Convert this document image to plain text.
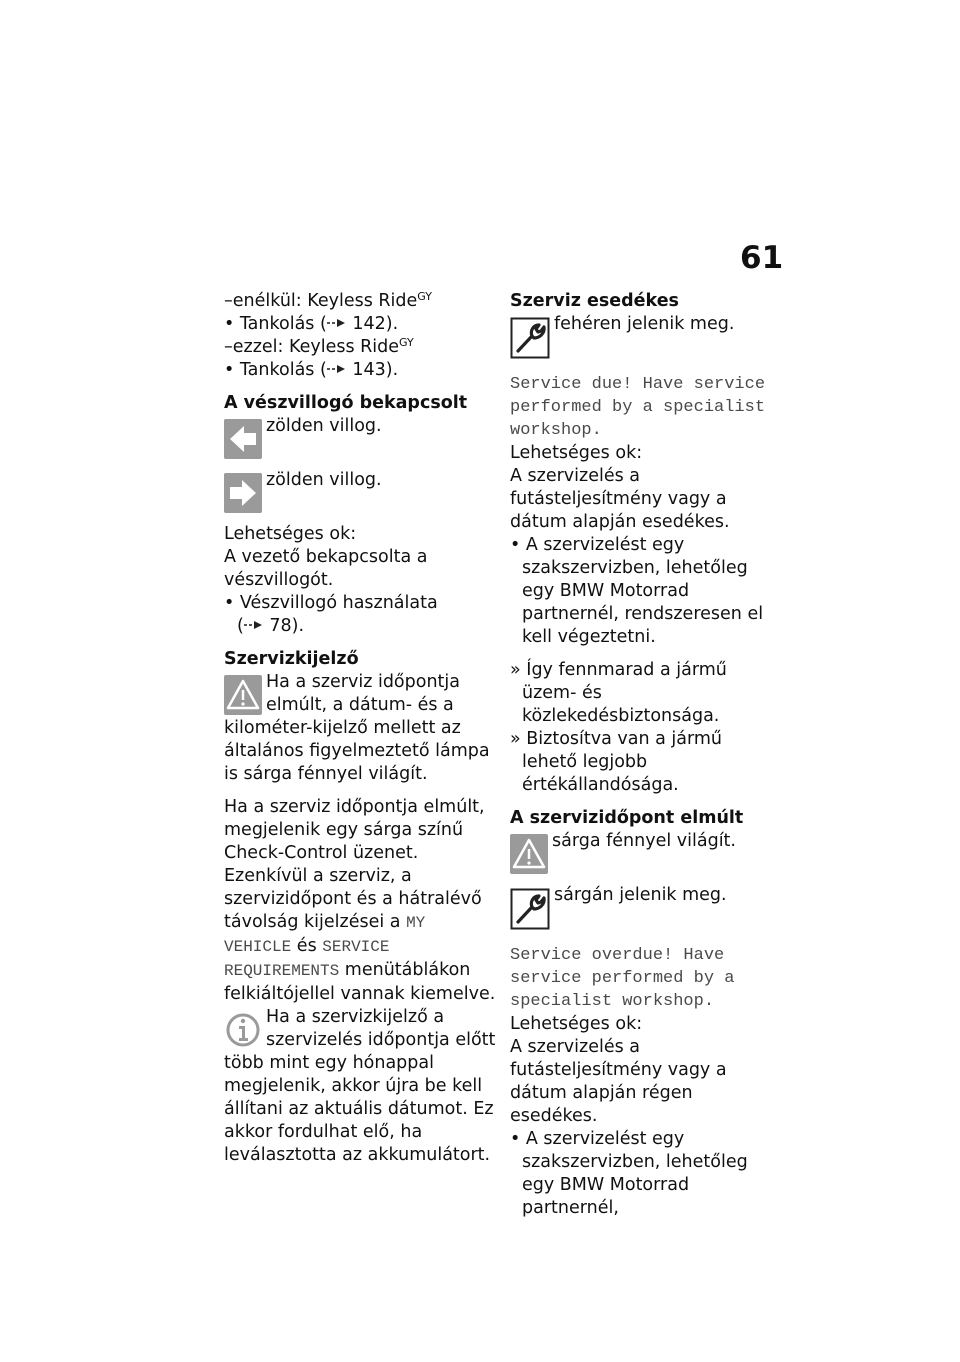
61

–enélkül: Keyless Ride$^{GY}$

• Tankolás ( 142).

–ezzel: Keyless Ride$^{GY}$

• Tankolás ( 143).

A vészvillogó bekapcsolt
zölden villog.
zölden villog.

Lehetséges ok:

A vezető bekapcsolta a vészvillogót.

• Vészvillogó használata
( 78).

Szervizkijelző

Ha a szerviz időpontja elmúlt, a dátum- és a kilométer-kijelző mellett az általános figyelmeztető lámpa is sárga fénnyel világít.

Ha a szerviz időpontja elmúlt, megjelenik egy sárga színű Check-Control üzenet. Ezenkívül a szerviz, a szervizidőpont és a hátralévő távolság kijelzései a MY VEHICLE és SERVICE REQUIREMENTS menütáblákon felkiáltójellel vannak kiemelve.

Ha a szervizkijelző a szervizelés időpontja előtt több mint egy hónappal megjelenik, akkor újra be kell állítani az aktuális dátumot. Ez akkor fordulhat elő, ha leválasztotta az akkumulátort.

Szerviz esedékes
fehéren jelenik meg.

Service due! Have service performed by a specialist workshop.

Lehetséges ok:

A szervizelés a futásteljesítmény vagy a dátum alapján esedékes.

• A szervizelést egy szakszervizben, lehetőleg egy BMW Motorrad partnernél, rendszeresen el kell végeztetni.

» Így fennmarad a jármű üzem- és közlekedésbiztonsága.

» Biztosítva van a jármű lehető legjobb értékállandósága.

A szervizidőpont elmúlt
sárga fénnyel világít.
sárgán jelenik meg.

Service overdue! Have service performed by a specialist workshop.

Lehetséges ok:

A szervizelés a futásteljesítmény vagy a dátum alapján régen esedékes.

• A szervizelést egy szakszervizben, lehetőleg egy BMW Motorrad partnernél,
